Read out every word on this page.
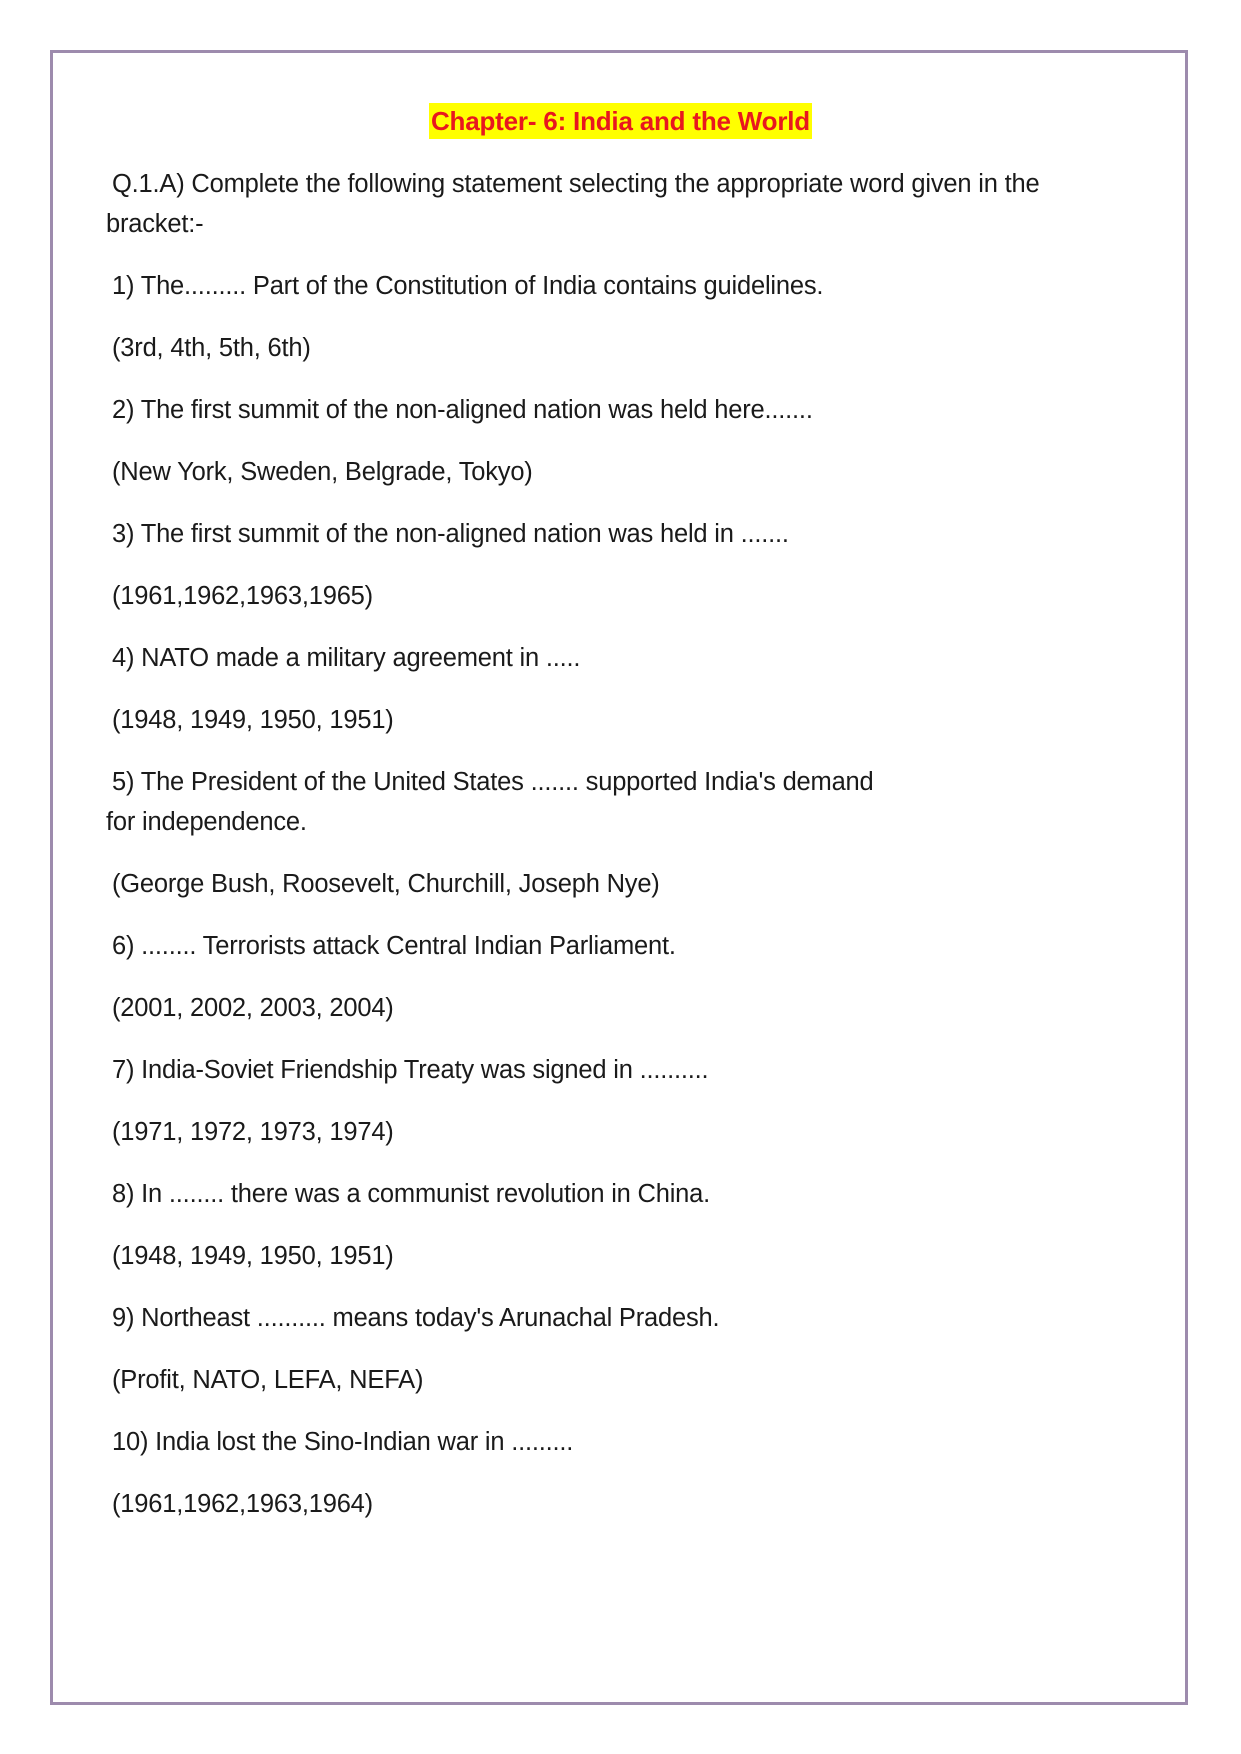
Chapter- 6: India and the World

Q.1.A) Complete the following statement selecting the appropriate word given in the bracket:-

1) The......... Part of the Constitution of India contains guidelines.

(3rd, 4th, 5th, 6th)

2) The first summit of the non-aligned nation was held here.......

(New York, Sweden, Belgrade, Tokyo)

3) The first summit of the non-aligned nation was held in .......

(1961,1962,1963,1965)

4) NATO made a military agreement in .....

(1948, 1949, 1950, 1951)

5) The President of the United States ....... supported India's demand for independence.

(George Bush, Roosevelt, Churchill, Joseph Nye)

6) ........ Terrorists attack Central Indian Parliament.

(2001, 2002, 2003, 2004)

7) India-Soviet Friendship Treaty was signed in ..........

(1971, 1972, 1973, 1974)

8) In ........ there was a communist revolution in China.

(1948, 1949, 1950, 1951)

9) Northeast .......... means today's Arunachal Pradesh.

(Profit, NATO, LEFA, NEFA)

10) India lost the Sino-Indian war in .........

(1961,1962,1963,1964)
